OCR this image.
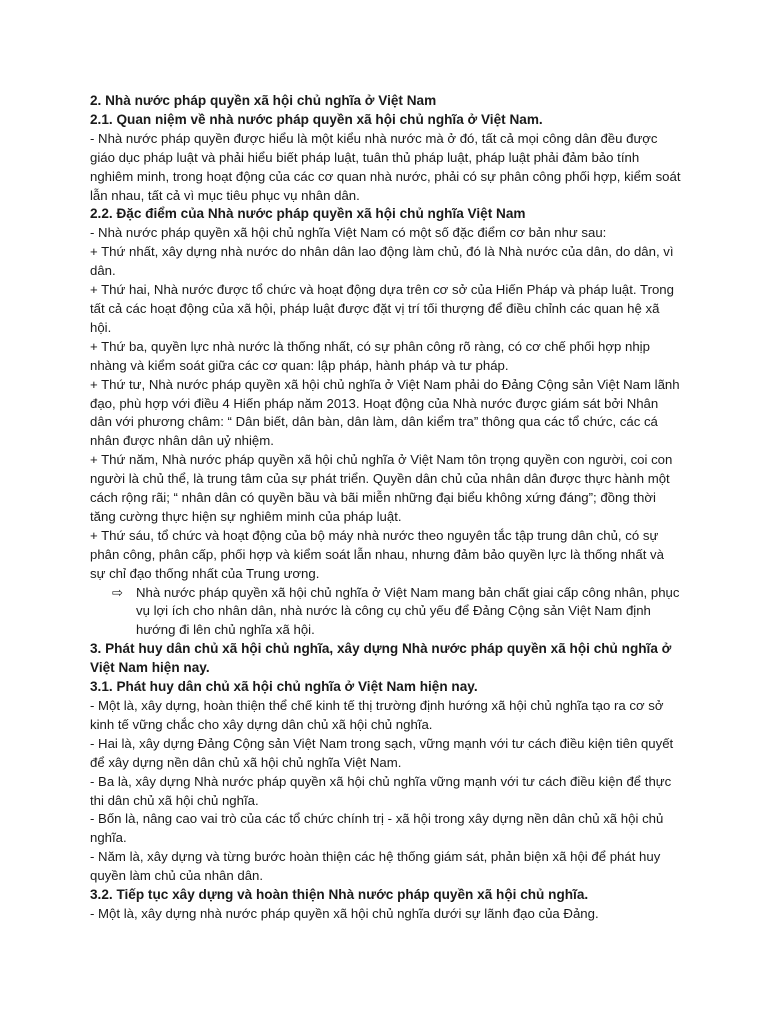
2. Nhà nước pháp quyền xã hội chủ nghĩa ở Việt Nam

2.1. Quan niệm về nhà nước pháp quyền xã hội chủ nghĩa ở Việt Nam.

- Nhà nước pháp quyền được hiểu là một kiểu nhà nước mà ở đó, tất cả mọi công dân đều được giáo dục pháp luật và phải hiểu biết pháp luật, tuân thủ pháp luật, pháp luật phải đảm bảo tính nghiêm minh, trong hoạt động của các cơ quan nhà nước, phải có sự phân công phối hợp, kiểm soát lẫn nhau, tất cả vì mục tiêu phục vụ nhân dân.

2.2. Đặc điểm của Nhà nước pháp quyền xã hội chủ nghĩa Việt Nam

- Nhà nước pháp quyền xã hội chủ nghĩa Việt Nam có một số đặc điểm cơ bản như sau:

+ Thứ nhất, xây dựng nhà nước do nhân dân lao động làm chủ, đó là Nhà nước của dân, do dân, vì dân.

+ Thứ hai, Nhà nước được tổ chức và hoạt động dựa trên cơ sở của Hiến Pháp và pháp luật. Trong tất cả các hoạt động của xã hội, pháp luật được đặt vị trí tối thượng để điều chỉnh các quan hệ xã hội.

+ Thứ ba, quyền lực nhà nước là thống nhất, có sự phân công rõ ràng, có cơ chế phối hợp nhịp nhàng và kiểm soát giữa các cơ quan: lập pháp, hành pháp và tư pháp.

+ Thứ tư, Nhà nước pháp quyền xã hội chủ nghĩa ở Việt Nam phải do Đảng Cộng sản Việt Nam lãnh đạo, phù hợp với điều 4 Hiến pháp năm 2013. Hoạt động của Nhà nước được giám sát bởi Nhân dân với phương châm: “ Dân biết, dân bàn, dân làm, dân kiểm tra” thông qua các tổ chức, các cá nhân được nhân dân uỷ nhiệm.

+ Thứ năm, Nhà nước pháp quyền xã hội chủ nghĩa ở Việt Nam tôn trọng quyền con người, coi con người là chủ thể, là trung tâm của sự phát triển. Quyền dân chủ của nhân dân được thực hành một cách rộng rãi; “ nhân dân có quyền bầu và bãi miễn những đại biểu không xứng đáng”; đồng thời tăng cường thực hiện sự nghiêm minh của pháp luật.

+ Thứ sáu, tổ chức và hoạt động của bộ máy nhà nước theo nguyên tắc tập trung dân chủ, có sự phân công, phân cấp, phối hợp và kiểm soát lẫn nhau, nhưng đảm bảo quyền lực là thống nhất và sự chỉ đạo thống nhất của Trung ương.

⇨ Nhà nước pháp quyền xã hội chủ nghĩa ở Việt Nam mang bản chất giai cấp công nhân, phục vụ lợi ích cho nhân dân, nhà nước là công cụ chủ yếu để Đảng Cộng sản Việt Nam định hướng đi lên chủ nghĩa xã hội.

3. Phát huy dân chủ xã hội chủ nghĩa, xây dựng Nhà nước pháp quyền xã hội chủ nghĩa ở Việt Nam hiện nay.

3.1. Phát huy dân chủ xã hội chủ nghĩa ở Việt Nam hiện nay.

- Một là, xây dựng, hoàn thiện thể chế kinh tế thị trường định hướng xã hội chủ nghĩa tạo ra cơ sở kinh tế vững chắc cho xây dựng dân chủ xã hội chủ nghĩa.

- Hai là, xây dựng Đảng Cộng sản Việt Nam trong sạch, vững mạnh với tư cách điều kiện tiên quyết để xây dựng nền dân chủ xã hội chủ nghĩa Việt Nam.

- Ba là, xây dựng Nhà nước pháp quyền xã hội chủ nghĩa vững mạnh với tư cách điều kiện để thực thi dân chủ xã hội chủ nghĩa.

- Bốn là, nâng cao vai trò của các tổ chức chính trị - xã hội trong xây dựng nền dân chủ xã hội chủ nghĩa.

- Năm là, xây dựng và từng bước hoàn thiện các hệ thống giám sát, phản biện xã hội để phát huy quyền làm chủ của nhân dân.

3.2. Tiếp tục xây dựng và hoàn thiện Nhà nước pháp quyền xã hội chủ nghĩa.

- Một là, xây dựng nhà nước pháp quyền xã hội chủ nghĩa dưới sự lãnh đạo của Đảng.
